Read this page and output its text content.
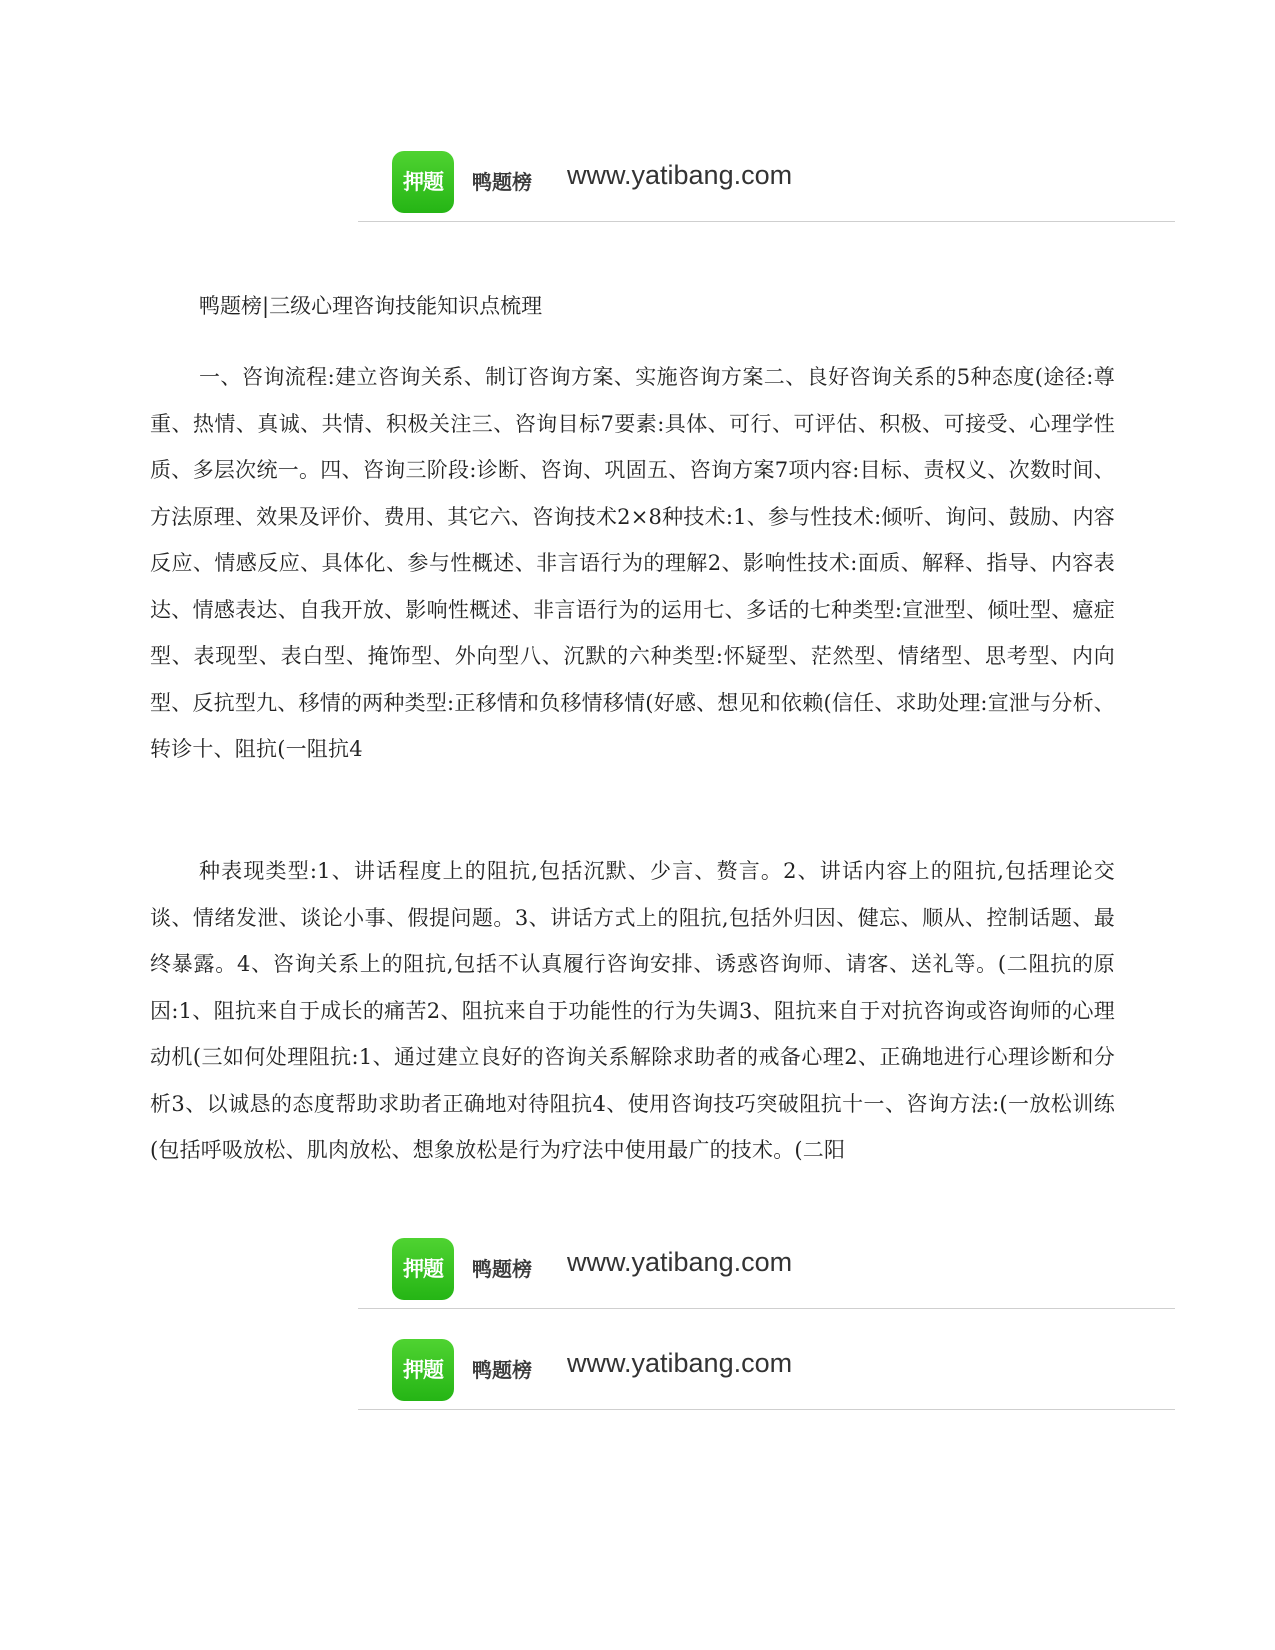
押题	鸭题榜 www.yatibang.com
鸭题榜|三级心理咨询技能知识点梳理

一、咨询流程:建立咨询关系、制订咨询方案、实施咨询方案二、良好咨询关系的5种态度(途径:尊重、热情、真诚、共情、积极关注三、咨询目标7要素:具体、可行、可评估、积极、可接受、心理学性质、多层次统一。四、咨询三阶段:诊断、咨询、巩固五、咨询方案7项内容:目标、责权义、次数时间、方法原理、效果及评价、费用、其它六、咨询技术2×8种技术:1、参与性技术:倾听、询问、鼓励、内容反应、情感反应、具体化、参与性概述、非言语行为的理解2、影响性技术:面质、解释、指导、内容表达、情感表达、自我开放、影响性概述、非言语行为的运用七、多话的七种类型:宣泄型、倾吐型、癔症型、表现型、表白型、掩饰型、外向型八、沉默的六种类型:怀疑型、茫然型、情绪型、思考型、内向型、反抗型九、移情的两种类型:正移情和负移情移情(好感、想见和依赖(信任、求助处理:宣泄与分析、转诊十、阻抗(一阻抗4

种表现类型:1、讲话程度上的阻抗,包括沉默、少言、赘言。2、讲话内容上的阻抗,包括理论交谈、情绪发泄、谈论小事、假提问题。3、讲话方式上的阻抗,包括外归因、健忘、顺从、控制话题、最终暴露。4、咨询关系上的阻抗,包括不认真履行咨询安排、诱惑咨询师、请客、送礼等。(二阻抗的原因:1、阻抗来自于成长的痛苦2、阻抗来自于功能性的行为失调3、阻抗来自于对抗咨询或咨询师的心理动机(三如何处理阻抗:1、通过建立良好的咨询关系解除求助者的戒备心理2、正确地进行心理诊断和分析3、以诚恳的态度帮助求助者正确地对待阻抗4、使用咨询技巧突破阻抗十一、咨询方法:(一放松训练(包括呼吸放松、肌肉放松、想象放松是行为疗法中使用最广的技术。(二阳

押题	鸭题榜 www.yatibang.com
押题	鸭题榜 www.yatibang.com
